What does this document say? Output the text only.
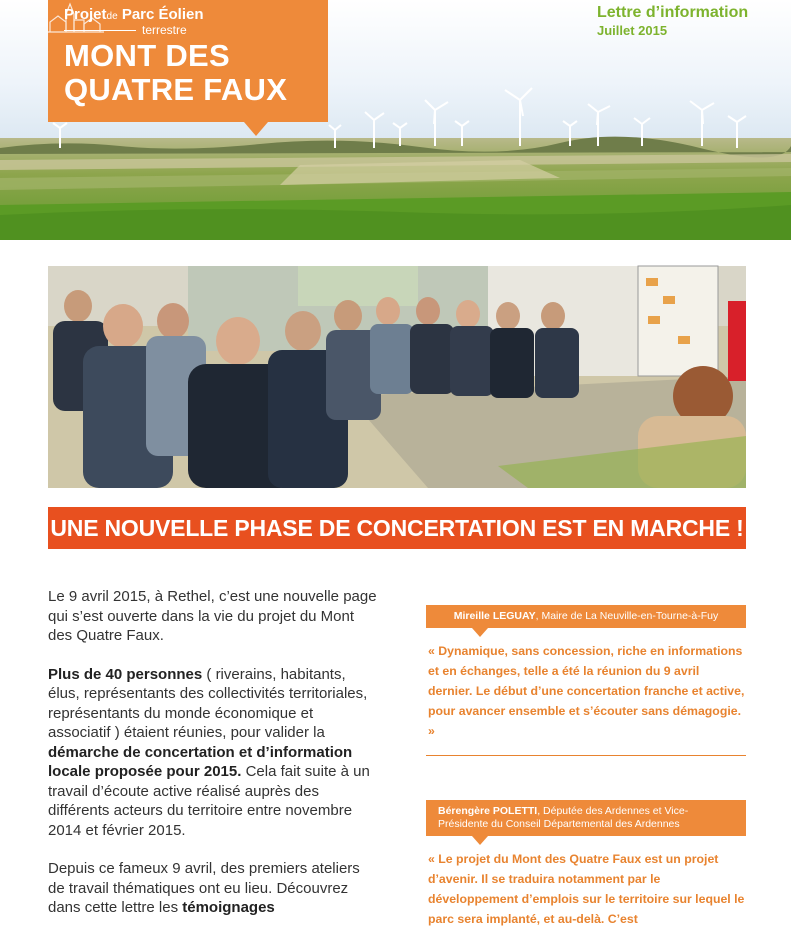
Projetde Parc Éolien
terrestre
MONT DES
QUATRE FAUX
Lettre d’information
Juillet 2015
UNE NOUVELLE PHASE DE CONCERTATION EST EN MARCHE !

Le 9 avril 2015, à Rethel, c’est une nouvelle page qui s’est ouverte dans la vie du projet du Mont des Quatre Faux.

Plus de 40 personnes ( riverains, habitants, élus, représentants des collectivités territoriales, représentants du monde économique et associatif ) étaient réunies, pour valider la démarche de concertation et d’information locale proposée pour 2015. Cela fait suite à un travail d’écoute active réalisé auprès des différents acteurs du territoire entre novembre 2014 et février 2015.

Depuis ce fameux 9 avril, des premiers ateliers de travail thématiques ont eu lieu. Découvrez dans cette lettre les témoignages

Mireille LEGUAY, Maire de La Neuville-en-Tourne-à-Fuy
« Dynamique, sans concession, riche en informations et en échanges, telle a été la réunion du 9 avril dernier. Le début d’une concertation franche et active, pour avancer ensemble et s’écouter sans démagogie. »
Bérengère POLETTI, Députée des Ardennes et Vice-Présidente du Conseil Départemental des Ardennes
« Le projet du Mont des Quatre Faux est un projet d’avenir. Il se traduira notamment par le développement d’emplois sur le territoire sur lequel le parc sera implanté, et au-delà. C’est
